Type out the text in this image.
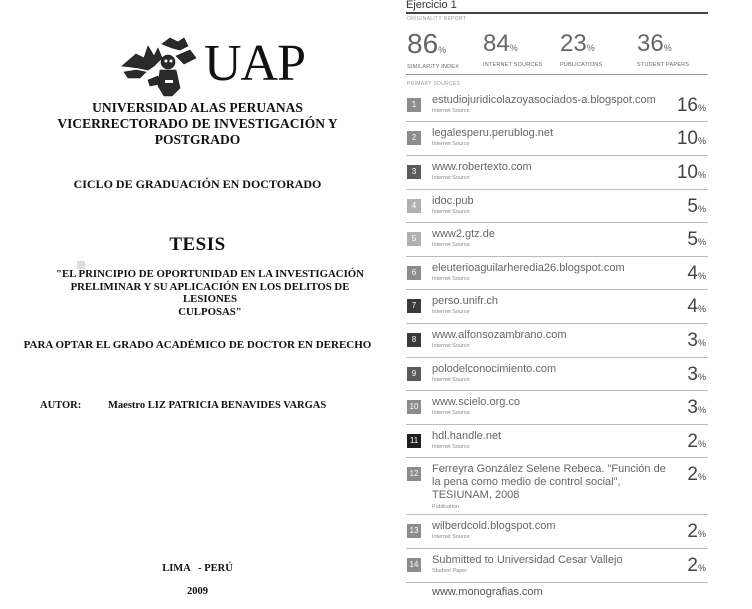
UAP

UNIVERSIDAD ALAS PERUANAS
VICERRECTORADO DE INVESTIGACIÓN Y
POSTGRADO

CICLO DE GRADUACIÓN EN DOCTORADO

TESIS

"EL PRINCIPIO DE OPORTUNIDAD EN LA INVESTIGACIÓN
PRELIMINAR Y SU APLICACIÓN EN LOS DELITOS DE LESIONES
CULPOSAS"

PARA OPTAR EL GRADO ACADÉMICO DE DOCTOR EN DERECHO

AUTOR:	Maestro LIZ PATRICIA BENAVIDES VARGAS

LIMA   - PERÚ

2009

Ejercicio 1
ORIGINALITY REPORT
86%
SIMILARITY INDEX
84%
INTERNET SOURCES
23%
PUBLICATIONS
36%
STUDENT PAPERS
PRIMARY SOURCES
1	estudiojuridicolazoyasociados-a.blogspot.com
Internet Source	16%
2	legalesperu.perublog.net
Internet Source	10%
3	www.robertexto.com
Internet Source	10%
4	idoc.pub
Internet Source	5%
5	www2.gtz.de
Internet Source	5%
6	eleuterioaguilarheredia26.blogspot.com
Internet Source	4%
7	perso.unifr.ch
Internet Source	4%
8	www.alfonsozambrano.com
Internet Source	3%
9	polodelconocimiento.com
Internet Source	3%
10 www.scielo.org.co
Internet Source	3%
11 hdl.handle.net
Internet Source	2%
12 Ferreyra González Selene Rebeca. "Función de la pena como medio de control social", TESIUNAM, 2008
Publication
2%
13 wilberdcold.blogspot.com
Internet Source	2%
14 Submitted to Universidad Cesar Vallejo
Student Paper	2%
www.monografias.com
